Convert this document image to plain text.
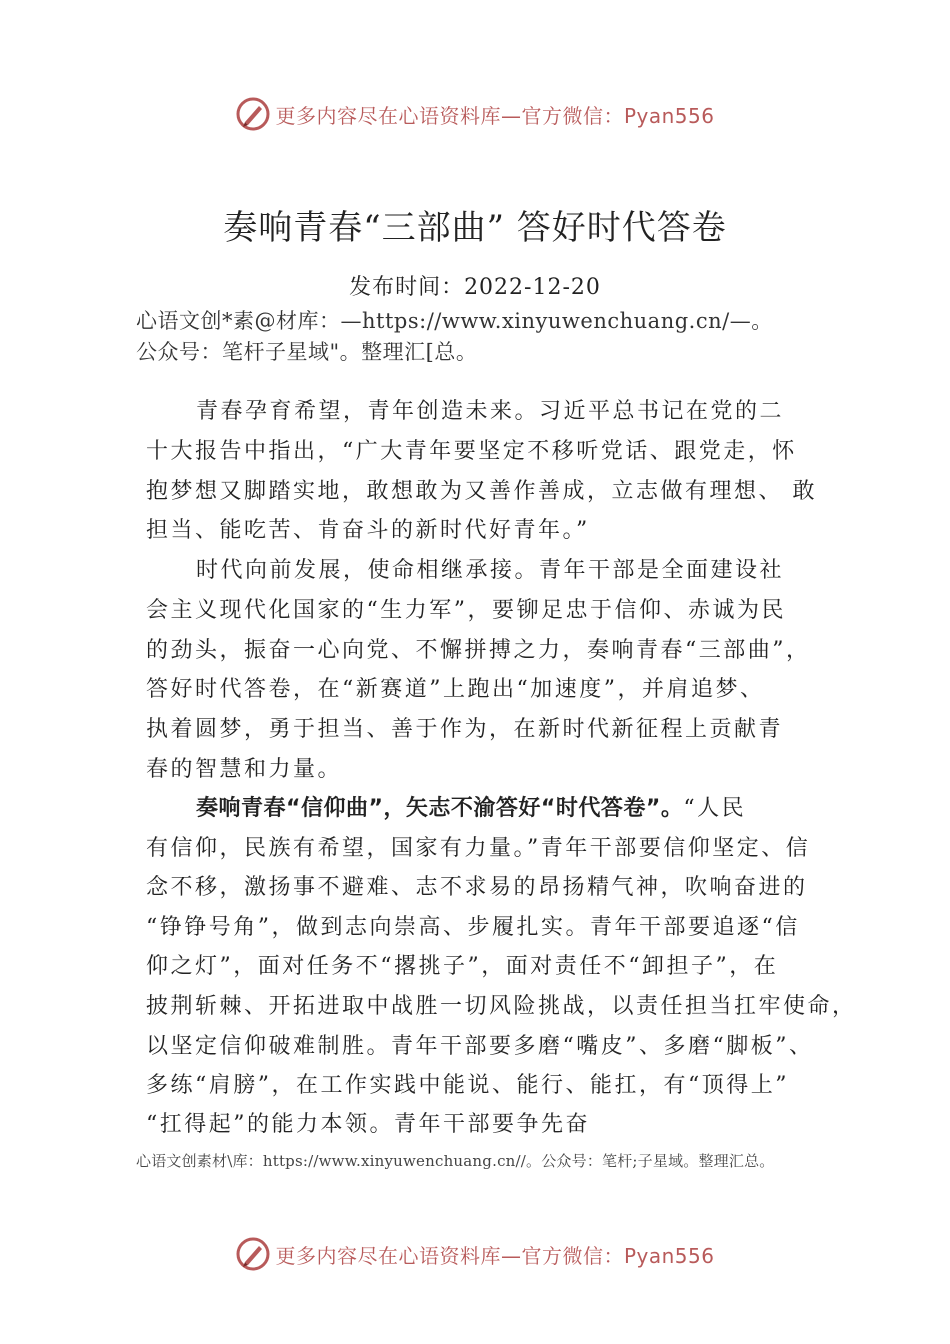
更多内容尽在心语资料库—官方微信：Pyan556
奏响青春“三部曲” 答好时代答卷
发布时间：2022-12-20
心语文创*素@材库：—https://www.xinyuwenchuang.cn/—。
公众号：笔杆子星域"。整理汇[总。
青春孕育希望，青年创造未来。习近平总书记在党的二
十大报告中指出，“广大青年要坚定不移听党话、跟党走，怀
抱梦想又脚踏实地，敢想敢为又善作善成，立志做有理想、 敢
担当、能吃苦、肯奋斗的新时代好青年。”
时代向前发展，使命相继承接。青年干部是全面建设社
会主义现代化国家的“生力军”，要铆足忠于信仰、赤诚为民
的劲头，振奋一心向党、不懈拼搏之力，奏响青春“三部曲”，
答好时代答卷，在“新赛道”上跑出“加速度”，并肩追梦、
执着圆梦，勇于担当、善于作为，在新时代新征程上贡献青
春的智慧和力量。
奏响青春“信仰曲”，矢志不渝答好“时代答卷”。“人民
有信仰，民族有希望，国家有力量。”青年干部要信仰坚定、信
念不移，激扬事不避难、志不求易的昂扬精气神，吹响奋进的
“铮铮号角”，做到志向崇高、步履扎实。青年干部要追逐“信
仰之灯”，面对任务不“撂挑子”，面对责任不“卸担子”，在
披荆斩棘、开拓进取中战胜一切风险挑战，以责任担当扛牢使命，
以坚定信仰破难制胜。青年干部要多磨“嘴皮”、多磨“脚板”、
多练“肩膀”，在工作实践中能说、能行、能扛，有“顶得上”
“扛得起”的能力本领。青年干部要争先奋
心语文创素材\库：https://www.xinyuwenchuang.cn//。公众号：笔杆;子星域。整理汇总。
更多内容尽在心语资料库—官方微信：Pyan556
